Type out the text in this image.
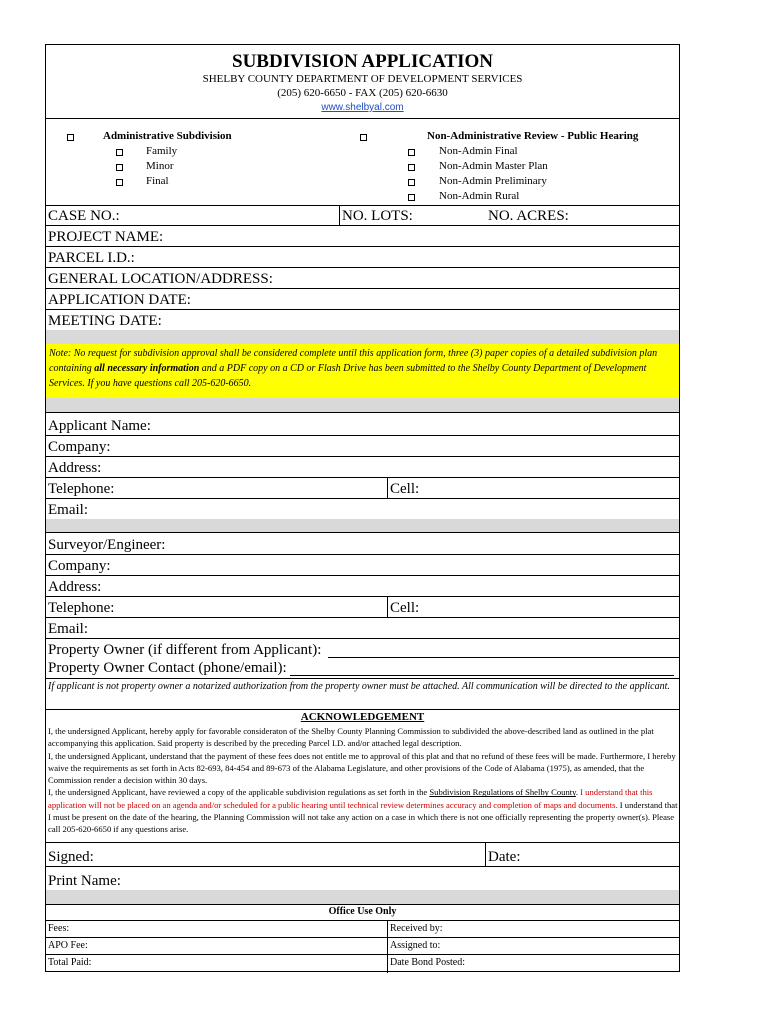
SUBDIVISION APPLICATION
SHELBY COUNTY DEPARTMENT OF DEVELOPMENT SERVICES
(205) 620-6650 - FAX (205) 620-6630
www.shelbyal.com
Administrative Subdivision
Family
Minor
Final
Non-Administrative Review - Public Hearing
Non-Admin Final
Non-Admin Master Plan
Non-Admin Preliminary
Non-Admin Rural
CASE NO.:	NO. LOTS:	NO. ACRES:
PROJECT NAME:
PARCEL I.D.:
GENERAL LOCATION/ADDRESS:
APPLICATION DATE:
MEETING DATE:
Note: No request for subdivision approval shall be considered complete until this application form, three (3) paper copies of a detailed subdivision plan containing all necessary information and a PDF copy on a CD or Flash Drive has been submitted to the Shelby County Department of Development Services. If you have questions call 205-620-6650.
Applicant Name:
Company:
Address:
Telephone:	Cell:
Email:
Surveyor/Engineer:
Company:
Address:
Telephone:	Cell:
Email:
Property Owner (if different from Applicant):
Property Owner Contact (phone/email):
If applicant is not property owner a notarized authorization from the property owner must be attached. All communication will be directed to the applicant.
ACKNOWLEDGEMENT
I, the undersigned Applicant, hereby apply for favorable consideraton of the Shelby County Planning Commission to subdivided the above-described land as outlined in the plat accompanying this application. Said property is described by the preceding Parcel I.D. and/or attached legal description.
I, the undersigned Applicant, understand that the payment of these fees does not entitle me to approval of this plat and that no refund of these fees will be made. Furthermore, I hereby waive the requirements as set forth in Acts 82-693, 84-454 and 89-673 of the Alabama Legislature, and other provisions of the Code of Alabama (1975), as amended, that the Commission render a decision within 30 days.
I, the undersigned Applicant, have reviewed a copy of the applicable subdivision regulations as set forth in the Subdivision Regulations of Shelby County. I understand that this application will not be placed on an agenda and/or scheduled for a public hearing until technical review determines accuracy and completion of maps and documents. I understand that I must be present on the date of the hearing, the Planning Commission will not take any action on a case in which there is not one officially representing the property owner(s). Please call 205-620-6650 if any questions arise.
Signed:	Date:
Print Name:
Office Use Only
Fees:	Received by:
APO Fee:	Assigned to:
Total Paid:	Date Bond Posted:
